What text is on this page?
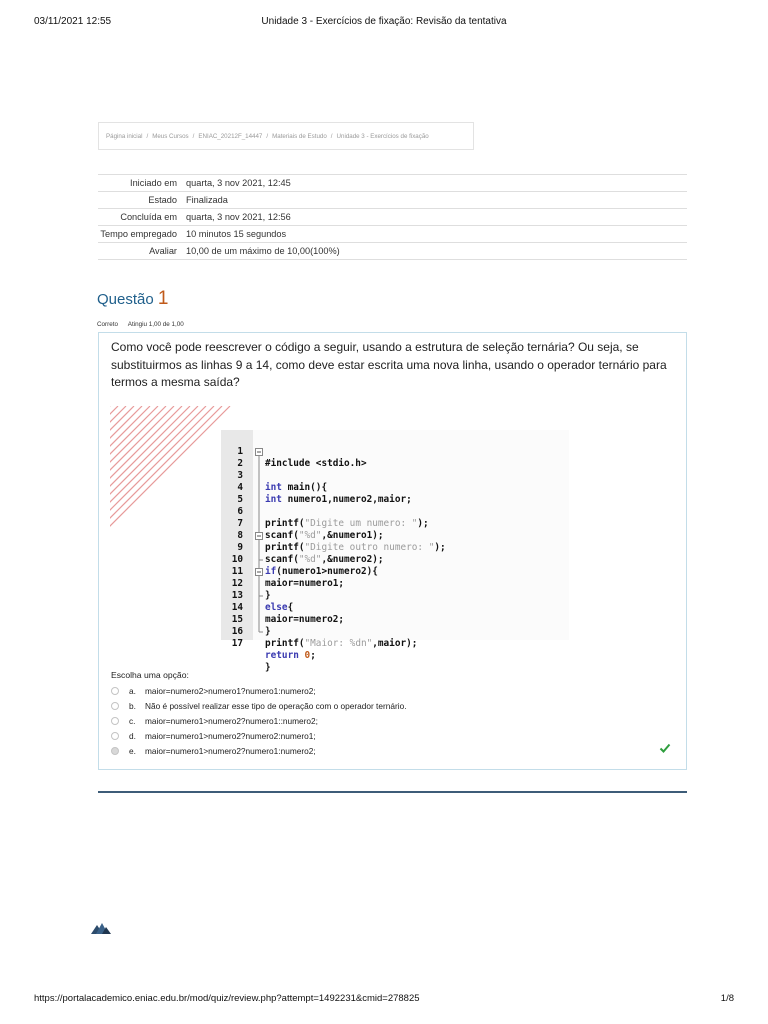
03/11/2021 12:55	Unidade 3 - Exercícios de fixação: Revisão da tentativa
Página inicial / Meus Cursos / ENIAC_20212F_14447 / Materiais de Estudo / Unidade 3 - Exercícios de fixação
Iniciado em quarta, 3 nov 2021, 12:45
Estado Finalizada
Concluída em quarta, 3 nov 2021, 12:56
Tempo empregado 10 minutos 15 segundos
Avaliar 10,00 de um máximo de 10,00(100%)
Questão 1
Correto Atingiu 1,00 de 1,00
Como você pode reescrever o código a seguir, usando a estrutura de seleção ternária? Ou seja, se substituirmos as linhas 9 a 14, como deve estar escrita uma nova linha, usando o operador ternário para termos a mesma saída?

1

#include <stdio.h>

2

int main(){

3

int numero1,numero2,maior;

4

5

printf("Digite um numero: ");

6

scanf("%d",&numero1);

7

printf("Digite outro numero: ");

8

scanf("%d",&numero2);

9

if(numero1>numero2){

10

maior=numero1;

11

}

12

else{

13

maior=numero2;

14

}

15

printf("Maior: %dn",maior);

16

return 0;

17

}

Escolha uma opção:
a.	maior=numero2>numero1?numero1:numero2;
b.	Não é possível realizar esse tipo de operação com o operador ternário.
c.	maior=numero1>numero2?numero1::numero2;
d.	maior=numero1>numero2?numero2:numero1;
e.	maior=numero1>numero2?numero1:numero2;
https://portalacademico.eniac.edu.br/mod/quiz/review.php?attempt=1492231&cmid=278825	1/8
